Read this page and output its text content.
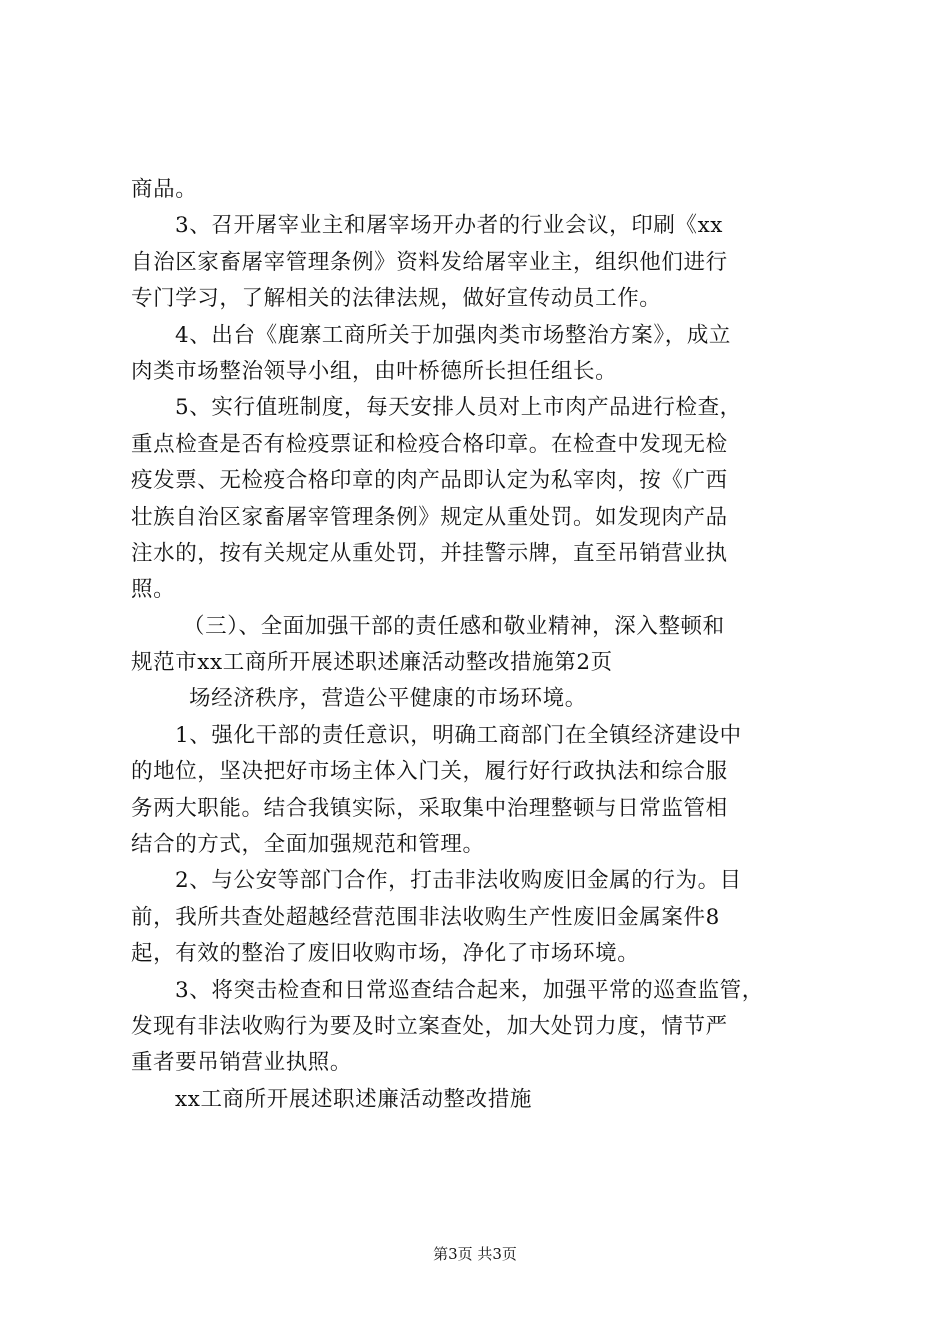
商品。
3、召开屠宰业主和屠宰场开办者的行业会议，印刷《xx
自治区家畜屠宰管理条例》资料发给屠宰业主，组织他们进行
专门学习，了解相关的法律法规，做好宣传动员工作。
4、出台《鹿寨工商所关于加强肉类市场整治方案》，成立
肉类市场整治领导小组，由叶桥德所长担任组长。
5、实行值班制度，每天安排人员对上市肉产品进行检查，
重点检查是否有检疫票证和检疫合格印章。在检查中发现无检
疫发票、无检疫合格印章的肉产品即认定为私宰肉，按《广西
壮族自治区家畜屠宰管理条例》规定从重处罚。如发现肉产品
注水的，按有关规定从重处罚，并挂警示牌，直至吊销营业执
照。
（三）、全面加强干部的责任感和敬业精神，深入整顿和
规范市xx工商所开展述职述廉活动整改措施第2页
场经济秩序，营造公平健康的市场环境。
1、强化干部的责任意识，明确工商部门在全镇经济建设中
的地位，坚决把好市场主体入门关，履行好行政执法和综合服
务两大职能。结合我镇实际，采取集中治理整顿与日常监管相
结合的方式，全面加强规范和管理。
2、与公安等部门合作，打击非法收购废旧金属的行为。目
前，我所共查处超越经营范围非法收购生产性废旧金属案件8
起，有效的整治了废旧收购市场，净化了市场环境。
3、将突击检查和日常巡查结合起来，加强平常的巡查监管，
发现有非法收购行为要及时立案查处，加大处罚力度，情节严
重者要吊销营业执照。
xx工商所开展述职述廉活动整改措施
第3页 共3页
